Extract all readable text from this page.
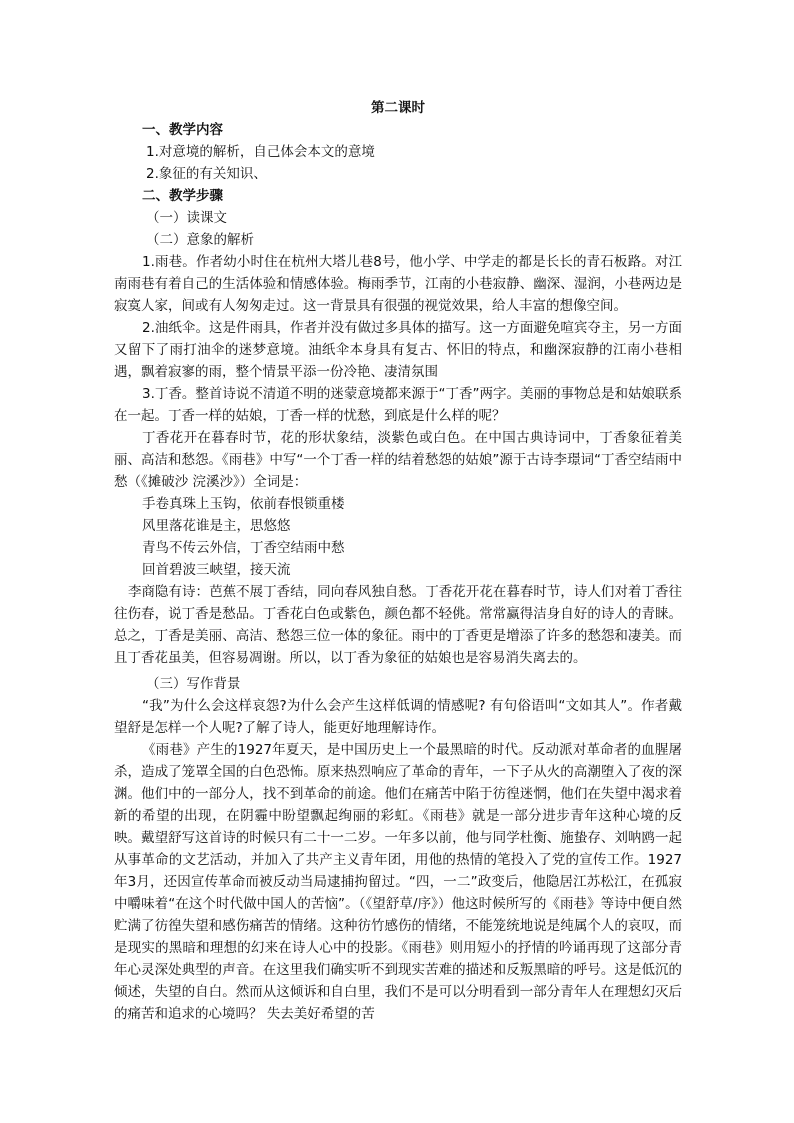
第二课时

一、教学内容

1.对意境的解析，自己体会本文的意境

2.象征的有关知识、

二、教学步骤

（一）读课文

（二）意象的解析

1.雨巷。作者幼小时住在杭州大塔儿巷8号，他小学、中学走的都是长长的青石板路。对江南雨巷有着自己的生活体验和情感体验。梅雨季节，江南的小巷寂静、幽深、湿润，小巷两边是寂寞人家，间或有人匆匆走过。这一背景具有很强的视觉效果，给人丰富的想像空间。

2.油纸伞。这是件雨具，作者并没有做过多具体的描写。这一方面避免喧宾夺主，另一方面又留下了雨打油伞的迷梦意境。油纸伞本身具有复古、怀旧的特点，和幽深寂静的江南小巷相遇，飘着寂寥的雨，整个情景平添一份冷艳、凄清氛围

3.丁香。整首诗说不清道不明的迷蒙意境都来源于“丁香”两字。美丽的事物总是和姑娘联系在一起。丁香一样的姑娘，丁香一样的忧愁，到底是什么样的呢？

丁香花开在暮春时节，花的形状象结，淡紫色或白色。在中国古典诗词中，丁香象征着美丽、高洁和愁怨。《雨巷》中写“一个丁香一样的结着愁怨的姑娘”源于古诗李璟词“丁香空结雨中愁（《摊破沙 浣溪沙》）全词是：

手卷真珠上玉钩，依前春恨锁重楼

风里落花谁是主，思悠悠

青鸟不传云外信，丁香空结雨中愁

回首碧波三峡望，接天流

李商隐有诗：芭蕉不展丁香结，同向春风独自愁。丁香花开花在暮春时节，诗人们对着丁香往往伤春，说丁香是愁品。丁香花白色或紫色，颜色都不轻佻。常常赢得洁身自好的诗人的青睐。总之，丁香是美丽、高洁、愁怨三位一体的象征。雨中的丁香更是增添了许多的愁怨和凄美。而且丁香花虽美，但容易凋谢。所以，以丁香为象征的姑娘也是容易消失离去的。

（三）写作背景

“我”为什么会这样哀怨?为什么会产生这样低调的情感呢? 有句俗语叫“文如其人”。作者戴望舒是怎样一个人呢?了解了诗人，能更好地理解诗作。

《雨巷》产生的1927年夏天，是中国历史上一个最黑暗的时代。反动派对革命者的血腥屠杀，造成了笼罩全国的白色恐怖。原来热烈响应了革命的青年，一下子从火的高潮堕入了夜的深渊。他们中的一部分人，找不到革命的前途。他们在痛苦中陷于彷徨迷惘，他们在失望中渴求着新的希望的出现，在阴霾中盼望飘起绚丽的彩虹。《雨巷》就是一部分进步青年这种心境的反映。戴望舒写这首诗的时候只有二十一二岁。一年多以前，他与同学杜衡、施蛰存、刘呐鸥一起从事革命的文艺活动，并加入了共产主义青年团，用他的热情的笔投入了党的宣传工作。1927年3月，还因宣传革命而被反动当局逮捕拘留过。“四，一二”政变后，他隐居江苏松江，在孤寂中嚼味着“在这个时代做中国人的苦恼”。（《望舒草/序》）他这时候所写的《雨巷》等诗中便自然贮满了彷徨失望和感伤痛苦的情绪。这种彷竹感伤的情绪，不能笼统地说是纯属个人的哀叹，而是现实的黑暗和理想的幻来在诗人心中的投影。《雨巷》则用短小的抒情的吟诵再现了这部分青年心灵深处典型的声音。在这里我们确实听不到现实苦难的描述和反叛黑暗的呼号。这是低沉的倾述，失望的自白。然而从这倾诉和自白里，我们不是可以分明看到一部分青年人在理想幻灭后的痛苦和追求的心境吗？ 失去美好希望的苦
